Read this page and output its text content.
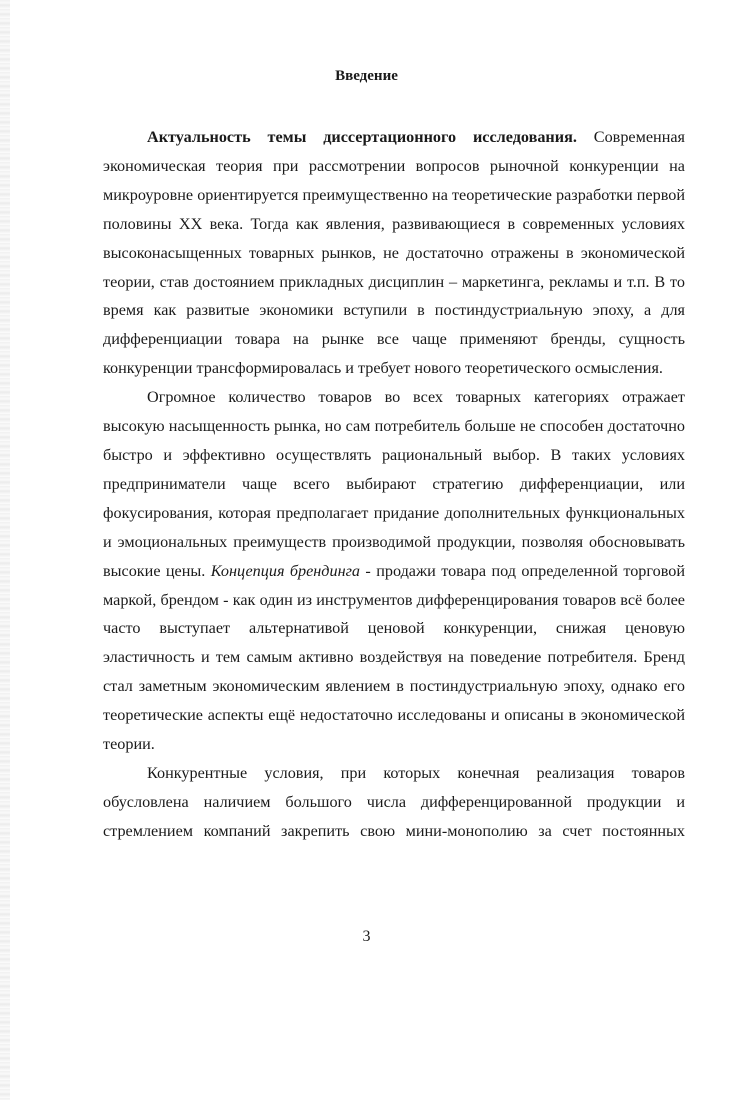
Введение

Актуальность темы диссертационного исследования. Современная экономическая теория при рассмотрении вопросов рыночной конкуренции на микроуровне ориентируется преимущественно на теоретические разработки первой половины XX века. Тогда как явления, развивающиеся в современных условиях высоконасыщенных товарных рынков, не достаточно отражены в экономической теории, став достоянием прикладных дисциплин – маркетинга, рекламы и т.п. В то время как развитые экономики вступили в постиндустриальную эпоху, а для дифференциации товара на рынке все чаще применяют бренды, сущность конкуренции трансформировалась и требует нового теоретического осмысления.

Огромное количество товаров во всех товарных категориях отражает высокую насыщенность рынка, но сам потребитель больше не способен достаточно быстро и эффективно осуществлять рациональный выбор. В таких условиях предприниматели чаще всего выбирают стратегию дифференциации, или фокусирования, которая предполагает придание дополнительных функциональных и эмоциональных преимуществ производимой продукции, позволяя обосновывать высокие цены. Концепция брендинга - продажи товара под определенной торговой маркой, брендом - как один из инструментов дифференцирования товаров всё более часто выступает альтернативой ценовой конкуренции, снижая ценовую эластичность и тем самым активно воздействуя на поведение потребителя. Бренд стал заметным экономическим явлением в постиндустриальную эпоху, однако его теоретические аспекты ещё недостаточно исследованы и описаны в экономической теории.

Конкурентные условия, при которых конечная реализация товаров обусловлена наличием большого числа дифференцированной продукции и стремлением компаний закрепить свою мини-монополию за счет постоянных

3
